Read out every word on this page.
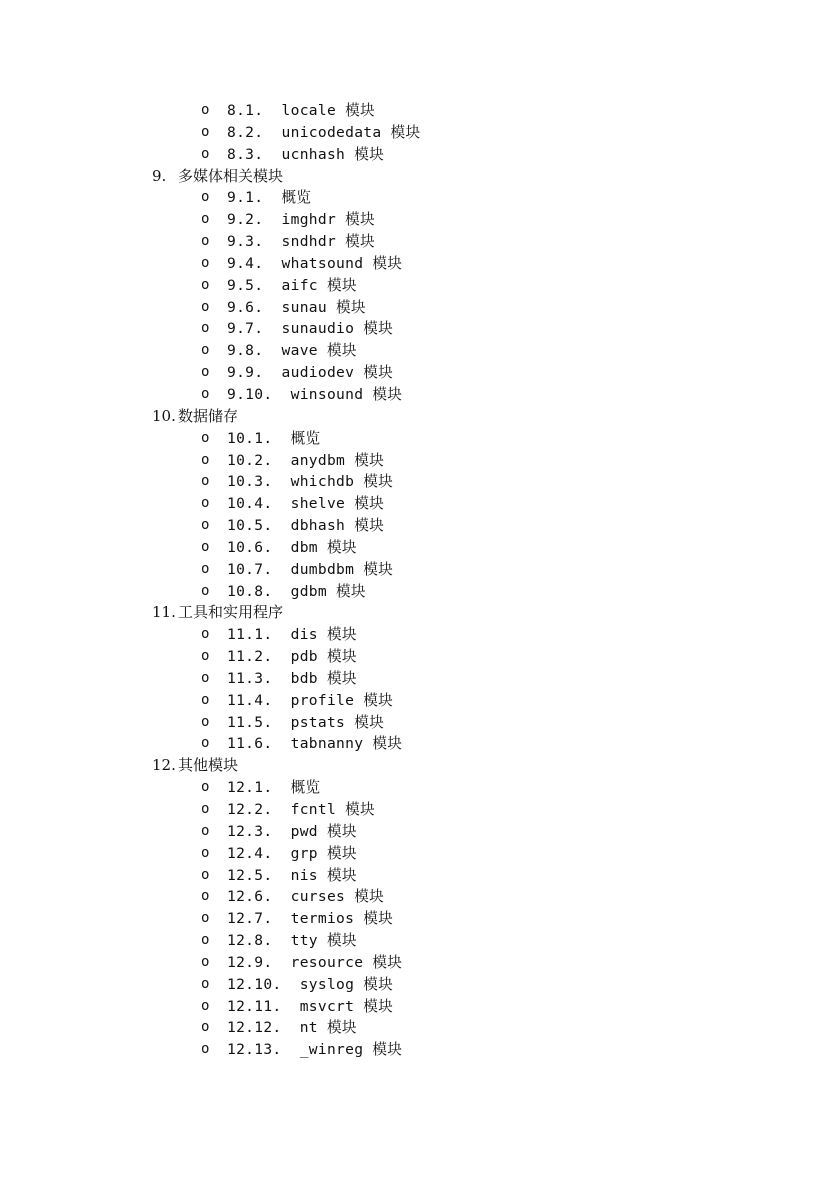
o 8.1.  locale 模块
o 8.2.  unicodedata 模块
o 8.3.  ucnhash 模块
9. 多媒体相关模块
o 9.1.  概览
o 9.2.  imghdr 模块
o 9.3.  sndhdr 模块
o 9.4.  whatsound 模块
o 9.5.  aifc 模块
o 9.6.  sunau 模块
o 9.7.  sunaudio 模块
o 9.8.  wave 模块
o 9.9.  audiodev 模块
o 9.10.  winsound 模块
10. 数据储存
o 10.1.  概览
o 10.2.  anydbm 模块
o 10.3.  whichdb 模块
o 10.4.  shelve 模块
o 10.5.  dbhash 模块
o 10.6.  dbm 模块
o 10.7.  dumbdbm 模块
o 10.8.  gdbm 模块
11. 工具和实用程序
o 11.1.  dis 模块
o 11.2.  pdb 模块
o 11.3.  bdb 模块
o 11.4.  profile 模块
o 11.5.  pstats 模块
o 11.6.  tabnanny 模块
12. 其他模块
o 12.1.  概览
o 12.2.  fcntl 模块
o 12.3.  pwd 模块
o 12.4.  grp 模块
o 12.5.  nis 模块
o 12.6.  curses 模块
o 12.7.  termios 模块
o 12.8.  tty 模块
o 12.9.  resource 模块
o 12.10.  syslog 模块
o 12.11.  msvcrt 模块
o 12.12.  nt 模块
o 12.13.  _winreg 模块
